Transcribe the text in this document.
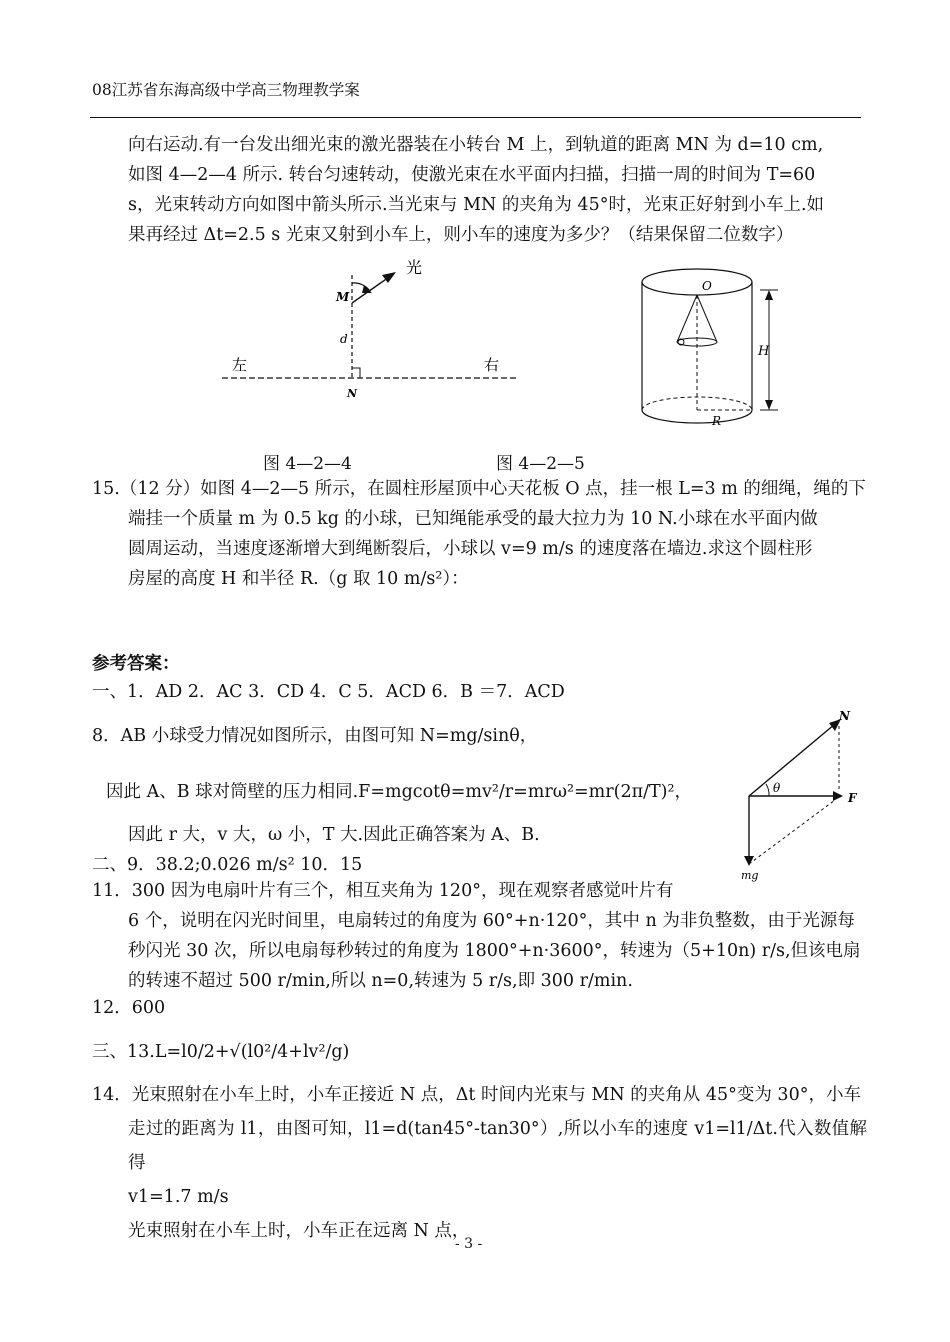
08江苏省东海高级中学高三物理教学案
向右运动.有一台发出细光束的激光器装在小转台 M 上，到轨道的距离 MN 为 d=10 cm,
如图 4—2—4 所示. 转台匀速转动，使激光束在水平面内扫描，扫描一周的时间为 T=60
s，光束转动方向如图中箭头所示.当光束与 MN 的夹角为 45°时，光束正好射到小车上.如
果再经过 Δt=2.5 s 光束又射到小车上，则小车的速度为多少？（结果保留二位数字）
光
M
d
N
左	右
O
H
R
图 4—2—4	图 4—2—5
15.（12 分）如图 4—2—5 所示，在圆柱形屋顶中心天花板 O 点，挂一根 L=3 m 的细绳，绳的下
端挂一个质量 m 为 0.5 kg 的小球，已知绳能承受的最大拉力为 10 N.小球在水平面内做
圆周运动，当速度逐渐增大到绳断裂后，小球以 v=9 m/s 的速度落在墙边.求这个圆柱形
房屋的高度 H 和半径 R.（g 取 10 m/s²）：
参考答案：
一、1．AD 2．AC 3．CD 4．C 5．ACD 6．B ＝7．ACD
8．AB 小球受力情况如图所示，由图可知 N=mg/sinθ，
因此 A、B 球对筒壁的压力相同.F=mgcotθ=mv²/r=mrω²=mr(2π/T)²，
因此 r 大，v 大，ω 小，T 大.因此正确答案为 A、B.
N
F
mg
θ
二、9．38.2;0.026 m/s² 10．15
11．300 因为电扇叶片有三个，相互夹角为 120°，现在观察者感觉叶片有
6 个，说明在闪光时间里，电扇转过的角度为 60°+n·120°，其中 n 为非负整数，由于光源每
秒闪光 30 次，所以电扇每秒转过的角度为 1800°+n·3600°，转速为（5+10n) r/s,但该电扇
的转速不超过 500 r/min,所以 n=0,转速为 5 r/s,即 300 r/min.
12．600
三、13.L=l0/2+√(l0²/4+lv²/g)
14．光束照射在小车上时，小车正接近 N 点，Δt 时间内光束与 MN 的夹角从 45°变为 30°，小车
走过的距离为 l1，由图可知，l1=d(tan45°-tan30°）,所以小车的速度 v1=l1/Δt.代入数值解得
v1=1.7 m/s
光束照射在小车上时，小车正在远离 N 点，
- 3 -
